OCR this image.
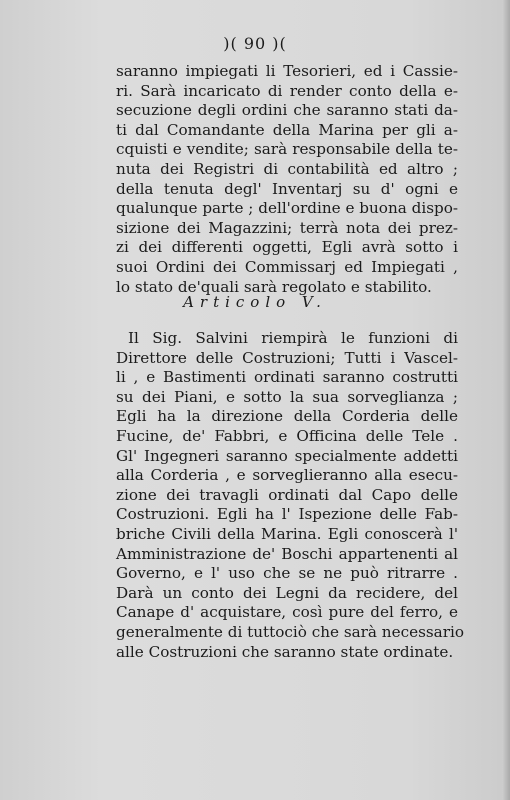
)( 90 )(
saranno impiegati li Tesorieri, ed i Cassie-
ri. Sarà incaricato di render conto della e-
secuzione degli ordini che saranno stati da-
ti dal Comandante della Marina per gli a-
cquisti e vendite; sarà responsabile della te-
nuta dei Registri di contabilità ed altro ;
della tenuta degl' Inventarj su d' ogni e
qualunque parte ; dell'ordine e buona dispo-
sizione dei Magazzini; terrà nota dei prez-
zi dei differenti oggetti, Egli avrà sotto i
suoi Ordini dei Commissarj ed Impiegati ,
lo stato de'quali sarà regolato e stabilito.
Articolo V.
Il Sig. Salvini riempirà le funzioni di
Direttore delle Costruzioni; Tutti i Vascel-
li , e Bastimenti ordinati saranno costrutti
su dei Piani, e sotto la sua sorveglianza ;
Egli ha la direzione della Corderia delle
Fucine, de' Fabbri, e Officina delle Tele .
Gl' Ingegneri saranno specialmente addetti
alla Corderia , e sorveglieranno alla esecu-
zione dei travagli ordinati dal Capo delle
Costruzioni. Egli ha l' Ispezione delle Fab-
briche Civili della Marina. Egli conoscerà l'
Amministrazione de' Boschi appartenenti al
Governo, e l' uso che se ne può ritrarre .
Darà un conto dei Legni da recidere, del
Canape d' acquistare, così pure del ferro, e
generalmente di tuttociò che sarà necessario
alle Costruzioni che saranno state ordinate.
